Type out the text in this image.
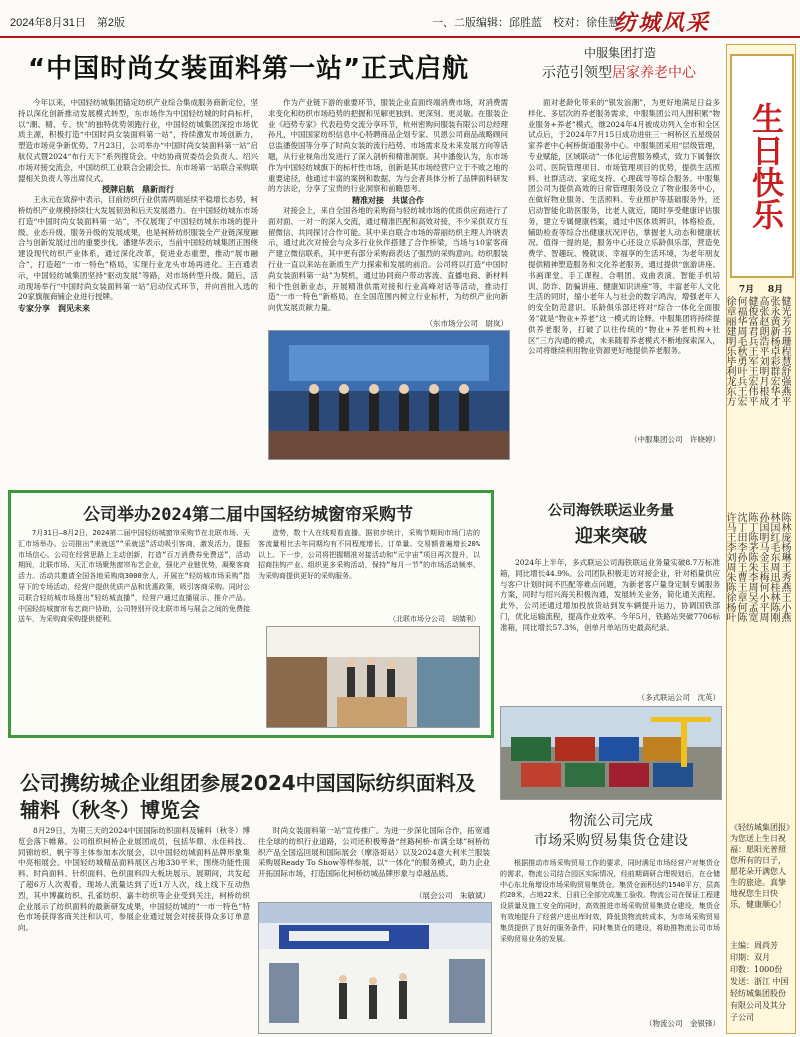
2024年8月31日　第2版	一、二版编辑：邱胜蓝　校对：徐佳慧
纺城风采
“中国时尚女装面料第一站”正式启航

今年以来，中国轻纺城集团锚定纺织产业综合集成服务商新定位，坚持以深化创新推动发展模式转型，东市场作为中国轻纺城的时尚标杆，以“潮、精、专、快”的独特优势领跑行业，中国轻纺城集团深挖市场优质主源，积极打造“中国时尚女装面料第一站”，持续激发市场创新力，塑造市场竞争新优势。7月23日，公司举办“中国时尚女装面料第一站”启航仪式暨2024“布行天下”系列搜货会。中纺协商贸委员会负责人、绍兴市场对接交流会，中国纺织工业联合会副会长、东市场第一站联合采购联盟相关负责人等出席仪式。

授牌启航　鼎新而行

王永元在致辞中表示，目前纺织行业供需两端延续平稳增长态势，柯桥纺织产业规模持续壮大发展韧劲和后天发展潜力。在中国轻纺城东市场打造“中国时尚女装面料第一站”，不仅展现了中国轻纺城东市场的提升级、业态升级、服务升级的发展成果，也是柯桥纺织服装全产业链深度融合与创新发展过出的重要步伐。潘建华表示，当前中国轻纺城集团正围绕建设现代纺织产业体系，通过深化改革，促进业态重塑，推动“展市融合”，打造超“一市一特色”格局，实现行业龙头市场再进化。王百通表示，中国轻纺城集团坚持“驱动发展”等路，对市场转型升级。随后，活动现场举行“中国时尚女装面料第一站”启动仪式环节，并向首批入选的20家旗舰商铺企业进行授牌。

专家分享　润见未来

作为产业链下游的重要环节，服装企业直面终端消费市场，对消费需求变化和纺织市场趋势的把握和见解更独到、更深刻、更灵敏。在服装企业《趋势专家》代表趋势交流分享环节，杭州密购问服装有限公司总经理孙凡，中国国家纺织信息中心特聘商品企划专家、贝恩公司商品战略顾问总监潘俊国等分享了时尚女装的流行趋势、市场需求及未来发展方向等话题，从行业视角出发进行了深入剖析和精准洞察。其中潘俊认为，东市场作为中国轻纺城旗下的标杆性市场，创新是其市场经营户立于不败之地的重要途径，他通过丰富的案例和数据，为与会者具体分析了品牌面料研发的方法论，分享了宝贵的行业洞察和前瞻思考。

精准对接　共谋合作

对接会上，来自全国各地的采购商与轻纺城市场的优质供应商进行了面对面、一对一的深入交流，通过精准匹配和高效对接，不少采供双方互留微信、共同探讨合作可能。其中来自联合市场的蒂丽纺织主理人许晓表示，通过此次对接会与众多行业伙伴搭建了合作桥梁，当场与10家客商产建立微信联系，其中更有部分采购商表达了强烈的采购意向。纺织服装行业一直以来站在新质生产力探索和发展的前沿。公司将以打造“中国时尚女装面料第一站”为契机，通过协同商户带动客流、直播电商、新材料和个性创新业态，开展精准供需对接和行业高峰对话等活动，推动打造“一市一特色”新格局，在全国范围内树立行业标杆，为纺织产业向新向优发展贡献力量。

（东市场分公司　尉岚）
中服集团打造
示范引领型居家养老中心
面对老龄化带来的“银发浪潮”，为更好地满足日益多样化、多层次的养老服务需求，中服集团公司入围积累“物业服务+养老”模式，继2024年4月被成功列入全市和全区试点后，于2024年7月15日成功进驻三一柯桥区五星级居家养老中心柯桥街道服务中心。中服集团采用“层级管理，专业赋能，区域联动”一体化运营服务模式，致力下属餐饮公司、医院管理项目、市场管理项目的优势，提供生活照料、社群活动、家庭支持、心理疏导等综合服务。中服集团公司为提供高效的日常管理服务设立了物业服务中心，在做好物业服务、生活照料、专业照护等基础服务外，还启动智能化助医服务，比老人就近，随时享受健康评估服务，建立专属健康档案，通过中医体质辨识，体格检查，辅助检查等综合出健康状况评估，掌握老人动态和健康状况。值得一提的是，服务中心还设立乐龄俱乐部，营造免费学、智趣玩、慢就谈、幸福享的生活环境，为老年朋友提供精神塑造服务和文化养老服务，通过提供“旅游讲座、书画课堂、手工课程、合唱团、戏曲表演、智能手机培训、防诈、防骗讲座、健康知识讲座”等，丰富老年人文化生活的同时，缩小老年人与社会的数字鸿沟，增强老年人的安全防范意识。乐龄俱乐部还将对“综合一体化全面服务”就是“物业+养老”这一模式的诠释。中服集团将持续提供养老服务，打破了以往传统的“物业+养老机构+社区”三方沟通的模式，未来随着养老模式不断地探索深入，公司将继续利用物业资源更好地提供养老服务。
（中服集团公司　许晓婷）
生日快乐
7月 8月
健光芳书珊程慧舒强燕平
张永黄新杨卓彩群宏华才
高张赵朗浩平刘明月根成
健俊富君兵王军王宏伟平
何福华周毛秋勇叶兵王宏
徐章丽建明乐毕利龙东方
陈林庞杨琳王秀燕王小燕
林国红毛东周迅桂林陈刚
孙国明马金玉梅何小平周
陈丁陈茅陈朱李周吴孟宽
沈丁田李孙王曹王章何陈
许马王李刘周朱陈徐杨叶
《轻纺城集团报》为您送上生日祝福：愿阳光普照您所有的日子，愿花朵开满您人生的旅途。真挚地祝您生日快乐，健康顺心！
主编：周尚芳
印期：双月
印数：1000份
发送：浙江 中国轻纺城集团股份有限公司及其分子公司
公司举办2024第二届中国轻纺城窗帘采购节
7月31日—8月2日，2024第二届中国轻纺城窗帘采购节在北联市场、天汇市场举办。公司推出“来就送”“采就送”活动吸引客商，激发活力，提振市场信心。公司在经营思路上主动创新，打造“百万消费券免费送”，活动期间，北联市场、天汇市场聚焦窗帘布艺企业，强化产业链优势，凝聚客商活力。活动共邀请全国各地采购商3000余人，开展在“轻纺城市场采购”指导下的专场活动，经营户提供优质产品和优惠政策，吸引客商采购。同时公司联合轻纺城市场推出“轻纺城直播”，经营户通过直播展示、推介产品。中国轻纺城窗帘布艺商户协助，公司特别开设北联市场与展会之间的免费接送车，为采购商采购提供便利。
造势，数十人在线观看直播。据初步统计，采购节期间市场门店的客流量相比去年同期均有不同程度增长，订单量、交易额普遍增长20%以上。下一步，公司将把握精准对接活动和“元宇宙”项目再次提升，以招商挂钩产业、组织更多采购活动，保持“每月一节”的市场活动频率，为采购商提供更好的采购服务。
（北联市场分公司　胡婧利）
公司海铁联运业务量
迎来突破
2024年上半年，多式联运公司海铁联运业务量实破8.7万标准箱，同比增长44.9%。公司团队积极走访对接企业，针对稻量供应与客户计划时间不匹配等难点问题，为新老客户量身定制专属服务方案，同时与绍兴海关积极沟通，发展转关业务，简化通关流程。此外，公司还通过增加投放货站到发车辆提升运力，协调国铁部门，优化运输流程，提高作业效率。今年5月，铁路站突破7706标准箱，同比增长57.3%，创单月单站历史最高纪录。
（多式联运公司　沈英）
公司携纺城企业组团参展2024中国国际纺织面料及辅料（秋冬）博览会
8月29日，为期三天的2024中国国际纺织面料及辅料（秋冬）博览会落下帷幕。公司组织柯桥企业展团成员，包括华鼎、永佳科技、同锦纺织、帆宇等主体参加本次展会，以中国轻纺城面料品牌形象集中亮相展会。中国轻纺城精品面料展区占地330平米，围绕功能性面料、时尚面料、针织面料、色织面料四大板块展示。展期间，共发起了超6万人次观看，现场人流量达到了近1万人次，线上线下互动热烈，其中博赢纺织、孔雀纺织、嘉丰纺织等企业受到关注，柯桥纺织企业展示了纺织面料的最新研发成果，中国轻纺城的“一市一特色”特色市场获得客商关注和认可，参展企业通过展会对接获得众多订单意向。
时尚女装面料第一站”宣传推广。为进一步深化国际合作，拓宽通往全球的纺织行业道路，公司还积极筹备“丝路柯桥·布满全球”柯桥纺织产品全国巡回展和国际展会（摩洛哥站）以及2024意大利米兰服装采购展Ready To Show等样参展，以“一体化”的服务模式，助力企业开拓国际市场，打造国际化柯桥纺城品牌形象与卓越品质。
（展会公司　朱敏斌）
物流公司完成
市场采购贸易集货仓建设
根据推动市场采购贸易工作的要求，同时满足市场经营户对集货仓的需求，物流公司结合园区实际情况，经前期调研合理规划后，在仓储中心东北角增设市场采购贸易集货仓。集货仓面积达约1540平方，层高约20米，占地22米，日前已全部完成施工验收。物流公司在保证工程建设质量及施工安全的同时，高效推进市场采购贸易集货仓建设，集货仓有效地提升了经营户进出库时效，降低货物流转成本，为市场采购贸易集货提供了良好的服务条件，同时集货仓的建设，将助推物流公司市场采购贸易业务的发展。
（物流公司　金银锋）
